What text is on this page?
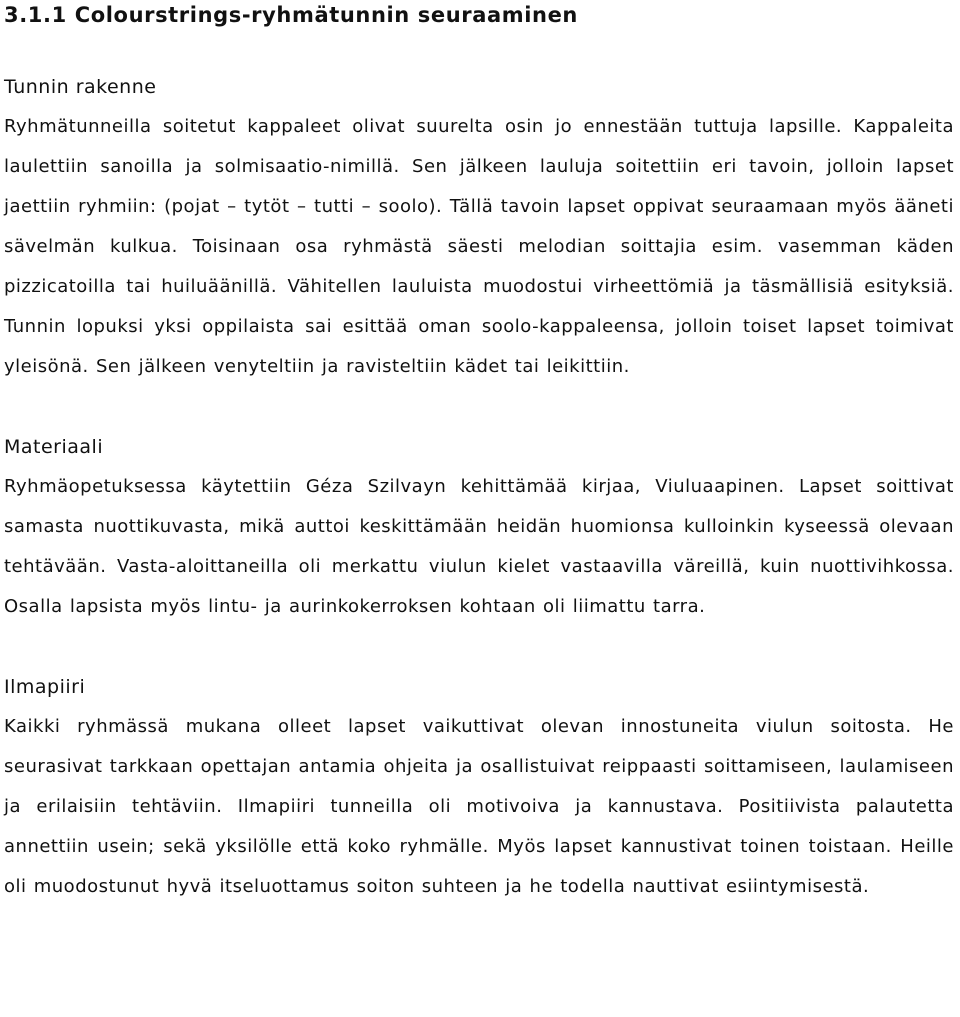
3.1.1 Colourstrings-ryhmätunnin seuraaminen
Tunnin rakenne

Ryhmätunneilla soitetut kappaleet olivat suurelta osin jo ennestään tuttuja lapsille. Kappaleita laulettiin sanoilla ja solmisaatio-nimillä. Sen jälkeen lauluja soitettiin eri tavoin, jolloin lapset jaettiin ryhmiin: (pojat – tytöt – tutti – soolo). Tällä tavoin lapset oppivat seuraamaan myös ääneti sävelmän kulkua. Toisinaan osa ryhmästä säesti melodian soittajia esim. vasemman käden pizzicatoilla tai huiluäänillä. Vähitellen lauluista muodostui virheettömiä ja täsmällisiä esityksiä. Tunnin lopuksi yksi oppilaista sai esittää oman soolo-kappaleensa, jolloin toiset lapset toimivat yleisönä. Sen jälkeen venyteltiin ja ravisteltiin kädet tai leikittiin.

Materiaali

Ryhmäopetuksessa käytettiin Géza Szilvayn kehittämää kirjaa, Viuluaapinen. Lapset soittivat samasta nuottikuvasta, mikä auttoi keskittämään heidän huomionsa kulloinkin kyseessä olevaan tehtävään. Vasta-aloittaneilla oli merkattu viulun kielet vastaavilla väreillä, kuin nuottivihkossa. Osalla lapsista myös lintu- ja aurinkokerroksen kohtaan oli liimattu tarra.

Ilmapiiri

Kaikki ryhmässä mukana olleet lapset vaikuttivat olevan innostuneita viulun soitosta. He seurasivat tarkkaan opettajan antamia ohjeita ja osallistuivat reippaasti soittamiseen, laulamiseen ja erilaisiin tehtäviin. Ilmapiiri tunneilla oli motivoiva ja kannustava. Positiivista palautetta annettiin usein; sekä yksilölle että koko ryhmälle. Myös lapset kannustivat toinen toistaan. Heille oli muodostunut hyvä itseluottamus soiton suhteen ja he todella nauttivat esiintymisestä.
